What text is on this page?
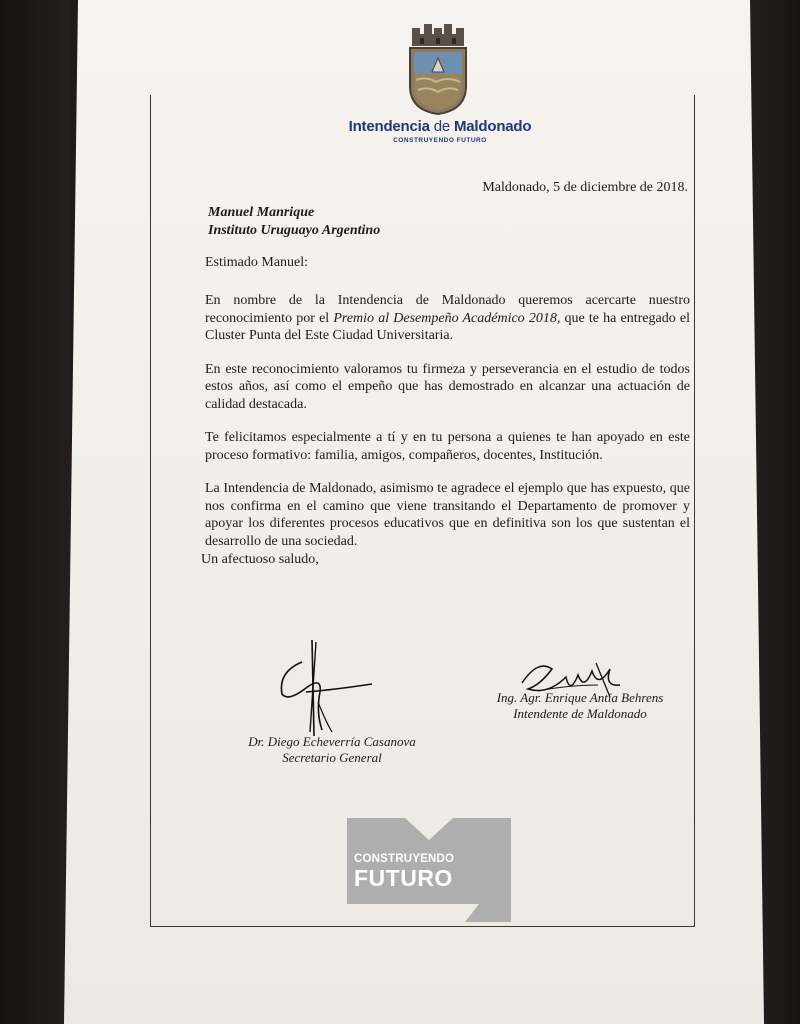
Intendencia de Maldonado
CONSTRUYENDO FUTURO
Maldonado, 5 de diciembre de 2018.
Manuel Manrique
Instituto Uruguayo Argentino
Estimado Manuel:

En nombre de la Intendencia de Maldonado queremos acercarte nuestro reconocimiento por el Premio al Desempeño Académico 2018, que te ha entregado el Cluster Punta del Este Ciudad Universitaria.

En este reconocimiento valoramos tu firmeza y perseverancia en el estudio de todos estos años, así como el empeño que has demostrado en alcanzar una actuación de calidad destacada.

Te felicitamos especialmente a tí y en tu persona a quienes te han apoyado en este proceso formativo: familia, amigos, compañeros, docentes, Institución.

La Intendencia de Maldonado, asimismo te agradece el ejemplo que has expuesto, que nos confirma en el camino que viene transitando el Departamento de promover y apoyar los diferentes procesos educativos que en definitiva son los que sustentan el desarrollo de una sociedad.

Un afectuoso saludo,
Dr. Diego Echeverría Casanova
Secretario General
Ing. Agr. Enrique Antía Behrens
Intendente de Maldonado
CONSTRUYENDO
FUTURO
